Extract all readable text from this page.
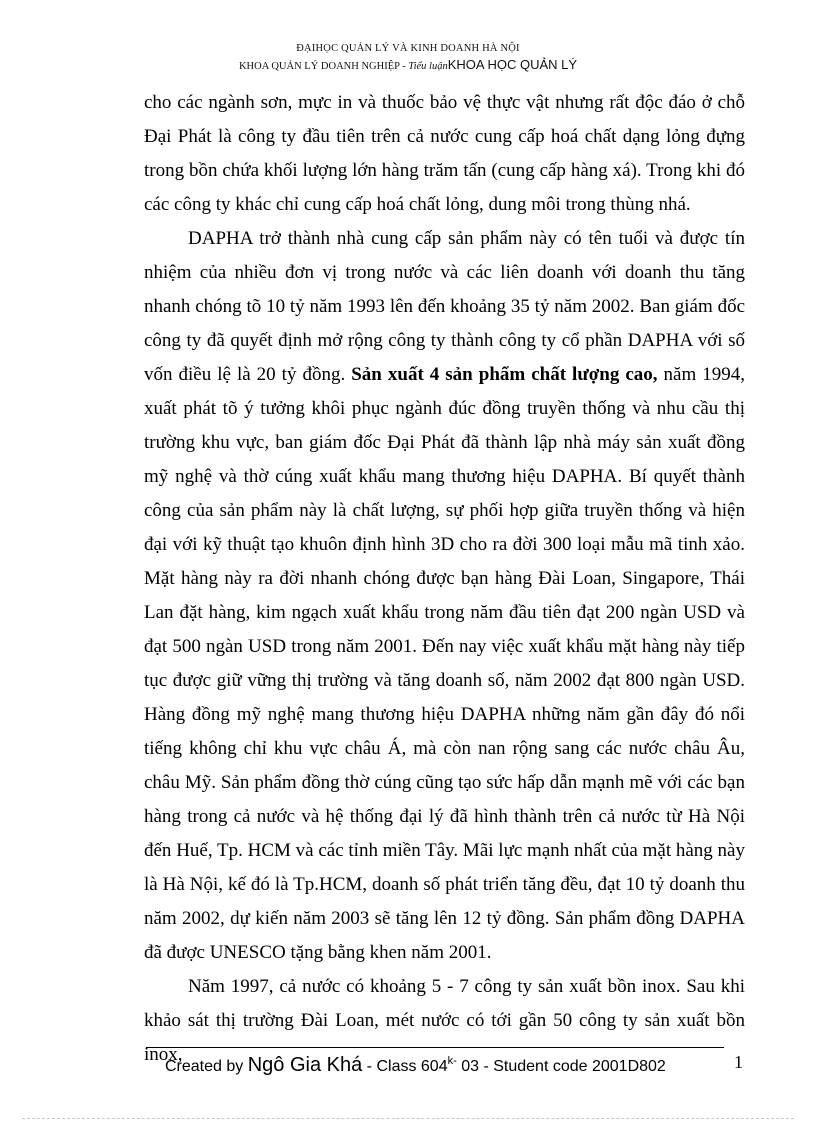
ĐẠIHỌC QUẢN LÝ VÀ KINH DOANH HÀ NỘI
KHOA QUẢN LÝ DOANH NGHIỆP - Tiểu luậnKHOA HỌC QUẢN LÝ

cho các ngành sơn, mực in và thuốc bảo vệ thực vật nhưng rất độc đáo ở chỗ Đại Phát là công ty đầu tiên trên cả nước cung cấp hoá chất dạng lỏng đựng trong bồn chứa khối lượng lớn hàng trăm tấn (cung cấp hàng xá). Trong khi đó các công ty khác chỉ cung cấp hoá chất lỏng, dung môi trong thùng nhá.

DAPHA trở thành nhà cung cấp sản phẩm này có tên tuổi và được tín nhiệm của nhiều đơn vị trong nước và các liên doanh với doanh thu tăng nhanh chóng tõ 10 tỷ năm 1993 lên đến khoảng 35 tỷ năm 2002. Ban giám đốc công ty đã quyết định mở rộng công ty thành công ty cổ phần DAPHA với số vốn điều lệ là 20 tỷ đồng. Sản xuất 4 sản phẩm chất lượng cao, năm 1994, xuất phát tõ ý tưởng khôi phục ngành đúc đồng truyền thống và nhu cầu thị trường khu vực, ban giám đốc Đại Phát đã thành lập nhà máy sản xuất đồng mỹ nghệ và thờ cúng xuất khẩu mang thương hiệu DAPHA. Bí quyết thành công của sản phẩm này là chất lượng, sự phối hợp giữa truyền thống và hiện đại với kỹ thuật tạo khuôn định hình 3D cho ra đời 300 loại mẫu mã tinh xảo. Mặt hàng này ra đời nhanh chóng được bạn hàng Đài Loan, Singapore, Thái Lan đặt hàng, kim ngạch xuất khẩu trong năm đầu tiên đạt 200 ngàn USD và đạt 500 ngàn USD trong năm 2001. Đến nay việc xuất khẩu mặt hàng này tiếp tục được giữ vững thị trường và tăng doanh số, năm 2002 đạt 800 ngàn USD. Hàng đồng mỹ nghệ mang thương hiệu DAPHA những năm gần đây đó nổi tiếng không chỉ khu vực châu Á, mà còn nan rộng sang các nước châu Âu, châu Mỹ. Sản phẩm đồng thờ cúng cũng tạo sức hấp dẫn mạnh mẽ với các bạn hàng trong cả nước và hệ thống đại lý đã hình thành trên cả nước từ Hà Nội đến Huế, Tp. HCM và các tỉnh miền Tây. Mãi lực mạnh nhất của mặt hàng này là Hà Nội, kế đó là Tp.HCM, doanh số phát triển tăng đều, đạt 10 tỷ doanh thu năm 2002, dự kiến năm 2003 sẽ tăng lên 12 tỷ đồng. Sản phẩm đồng DAPHA đã được UNESCO tặng bằng khen năm 2001.

Năm 1997, cả nước có khoảng 5 - 7 công ty sản xuất bồn inox. Sau khi khảo sát thị trường Đài Loan, mét nước có tới gần 50 công ty sản xuất bồn inox,

Created by Ngô Gia Khá - Class $604^{k-}$ 03 - Student code 2001D802	1
